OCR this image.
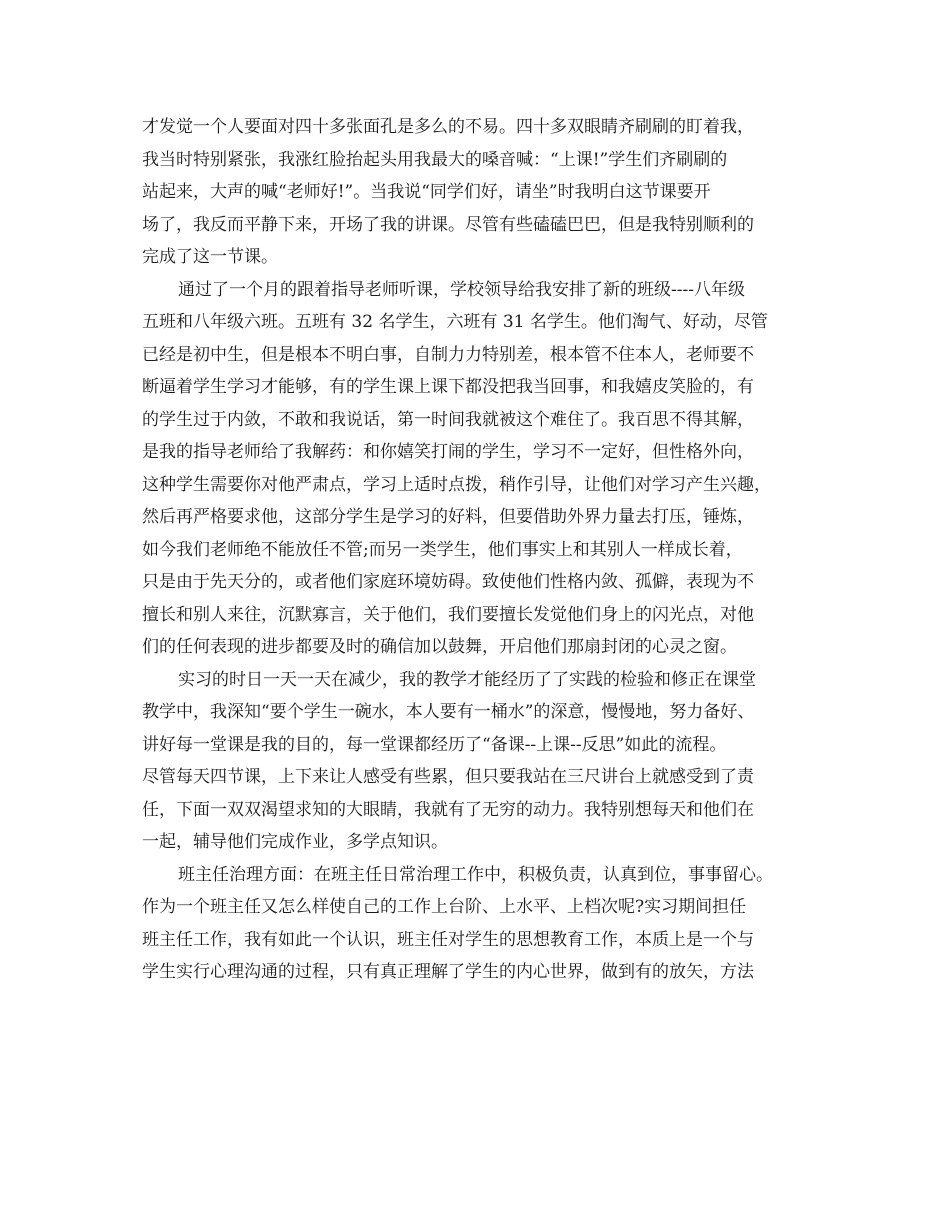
才发觉一个人要面对四十多张面孔是多么的不易。四十多双眼睛齐刷刷的盯着我，
我当时特别紧张，我涨红脸抬起头用我最大的嗓音喊：“上课!”学生们齐刷刷的
站起来，大声的喊“老师好!”。当我说“同学们好，请坐”时我明白这节课要开
场了，我反而平静下来，开场了我的讲课。尽管有些磕磕巴巴，但是我特别顺利的
完成了这一节课。
通过了一个月的跟着指导老师听课，学校领导给我安排了新的班级----八年级
五班和八年级六班。五班有 32 名学生，六班有 31 名学生。他们淘气、好动，尽管
已经是初中生，但是根本不明白事，自制力力特别差，根本管不住本人，老师要不
断逼着学生学习才能够，有的学生课上课下都没把我当回事，和我嬉皮笑脸的，有
的学生过于内敛，不敢和我说话，第一时间我就被这个难住了。我百思不得其解，
是我的指导老师给了我解药：和你嬉笑打闹的学生，学习不一定好，但性格外向，
这种学生需要你对他严肃点，学习上适时点拨，稍作引导，让他们对学习产生兴趣，
然后再严格要求他，这部分学生是学习的好料，但要借助外界力量去打压，锤炼，
如今我们老师绝不能放任不管;而另一类学生，他们事实上和其别人一样成长着，
只是由于先天分的，或者他们家庭环境妨碍。致使他们性格内敛、孤僻，表现为不
擅长和别人来往，沉默寡言，关于他们，我们要擅长发觉他们身上的闪光点，对他
们的任何表现的进步都要及时的确信加以鼓舞，开启他们那扇封闭的心灵之窗。
实习的时日一天一天在减少，我的教学才能经历了了实践的检验和修正在课堂
教学中，我深知“要个学生一碗水，本人要有一桶水”的深意，慢慢地，努力备好、
讲好每一堂课是我的目的，每一堂课都经历了“备课--上课--反思”如此的流程。
尽管每天四节课，上下来让人感受有些累，但只要我站在三尺讲台上就感受到了责
任，下面一双双渴望求知的大眼睛，我就有了无穷的动力。我特别想每天和他们在
一起，辅导他们完成作业，多学点知识。
班主任治理方面：在班主任日常治理工作中，积极负责，认真到位，事事留心。
作为一个班主任又怎么样使自己的工作上台阶、上水平、上档次呢?实习期间担任
班主任工作，我有如此一个认识，班主任对学生的思想教育工作，本质上是一个与
学生实行心理沟通的过程，只有真正理解了学生的内心世界，做到有的放矢，方法
